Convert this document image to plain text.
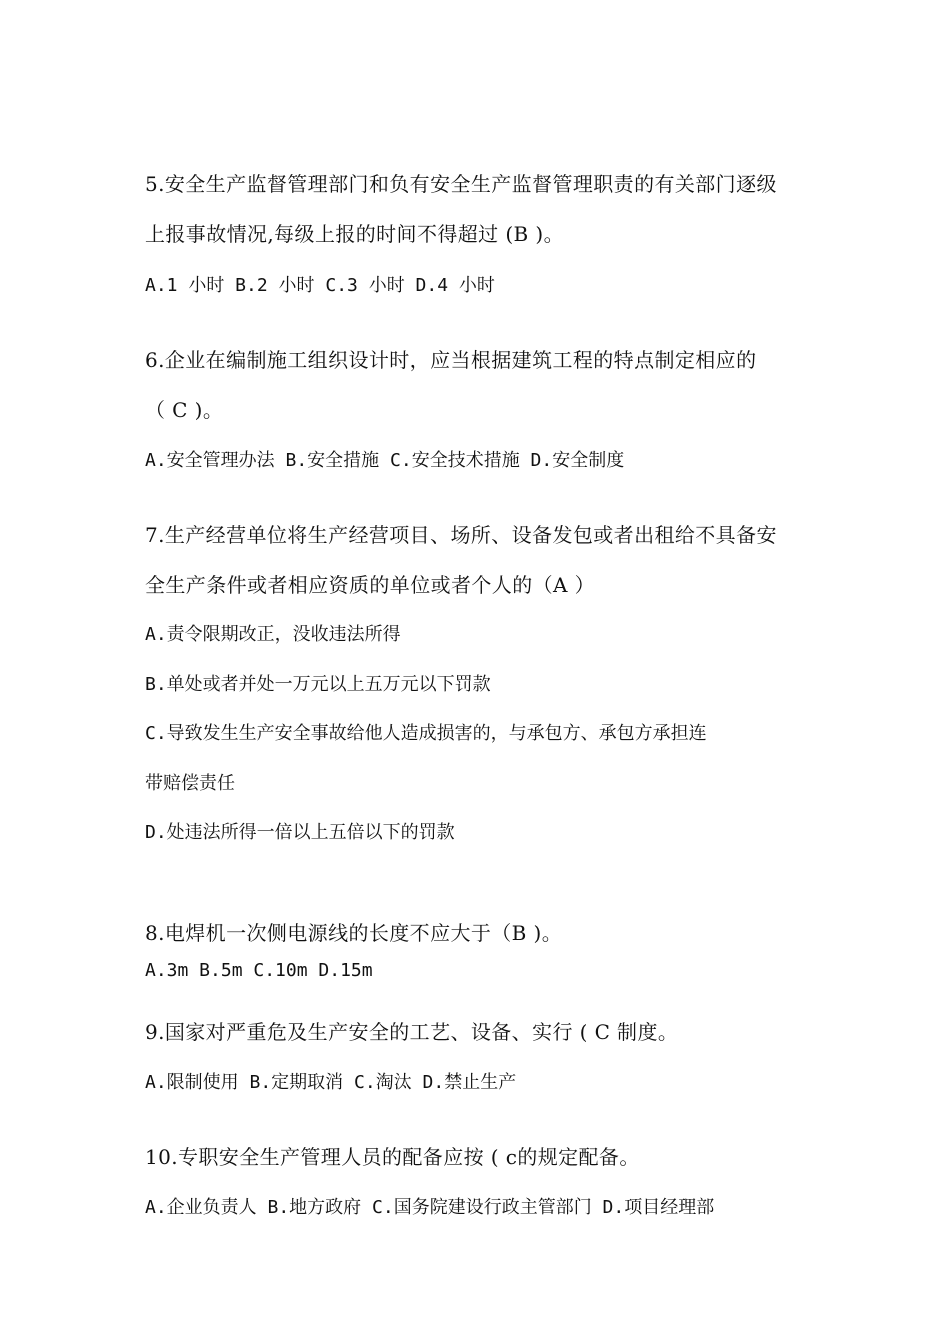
5.安全生产监督管理部门和负有安全生产监督管理职责的有关部门逐级
上报事故情况,每级上报的时间不得超过 (B )。
A.1 小时 B.2 小时 C.3 小时 D.4 小时
6.企业在编制施工组织设计时，应当根据建筑工程的特点制定相应的
（ C )。
A.安全管理办法 B.安全措施 C.安全技术措施 D.安全制度
7.生产经营单位将生产经营项目、场所、设备发包或者出租给不具备安
全生产条件或者相应资质的单位或者个人的（A ）
A.责令限期改正，没收违法所得
B.单处或者并处一万元以上五万元以下罚款
C.导致发生生产安全事故给他人造成损害的，与承包方、承包方承担连
带赔偿责任
D.处违法所得一倍以上五倍以下的罚款
8.电焊机一次侧电源线的长度不应大于（B )。
A.3m B.5m C.10m D.15m
9.国家对严重危及生产安全的工艺、设备、实行 ( C 制度。
A.限制使用 B.定期取消 C.淘汰 D.禁止生产
10.专职安全生产管理人员的配备应按 ( c的规定配备。
A.企业负责人 B.地方政府 C.国务院建设行政主管部门 D.项目经理部
